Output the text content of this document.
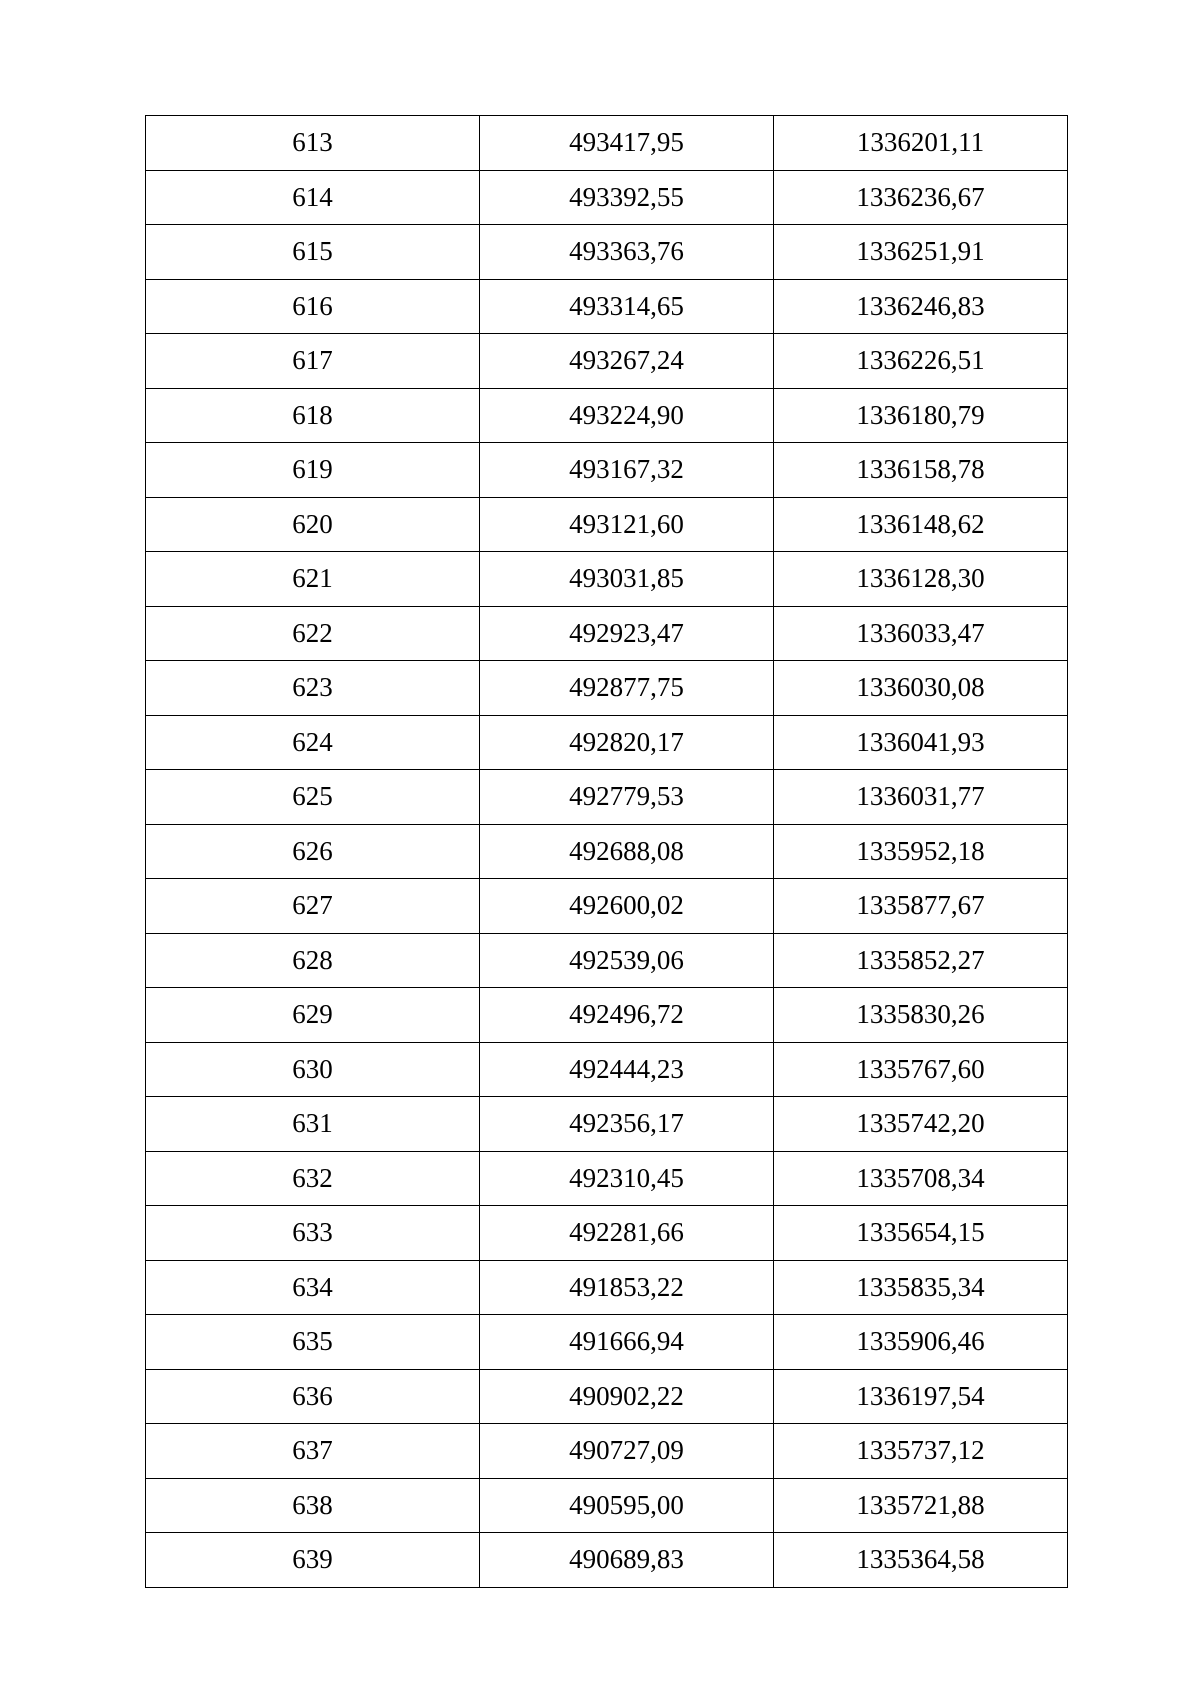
613	493417,95	1336201,11
614	493392,55	1336236,67
615	493363,76	1336251,91
616	493314,65	1336246,83
617	493267,24	1336226,51
618	493224,90	1336180,79
619	493167,32	1336158,78
620	493121,60	1336148,62
621	493031,85	1336128,30
622	492923,47	1336033,47
623	492877,75	1336030,08
624	492820,17	1336041,93
625	492779,53	1336031,77
626	492688,08	1335952,18
627	492600,02	1335877,67
628	492539,06	1335852,27
629	492496,72	1335830,26
630	492444,23	1335767,60
631	492356,17	1335742,20
632	492310,45	1335708,34
633	492281,66	1335654,15
634	491853,22	1335835,34
635	491666,94	1335906,46
636	490902,22	1336197,54
637	490727,09	1335737,12
638	490595,00	1335721,88
639	490689,83	1335364,58
